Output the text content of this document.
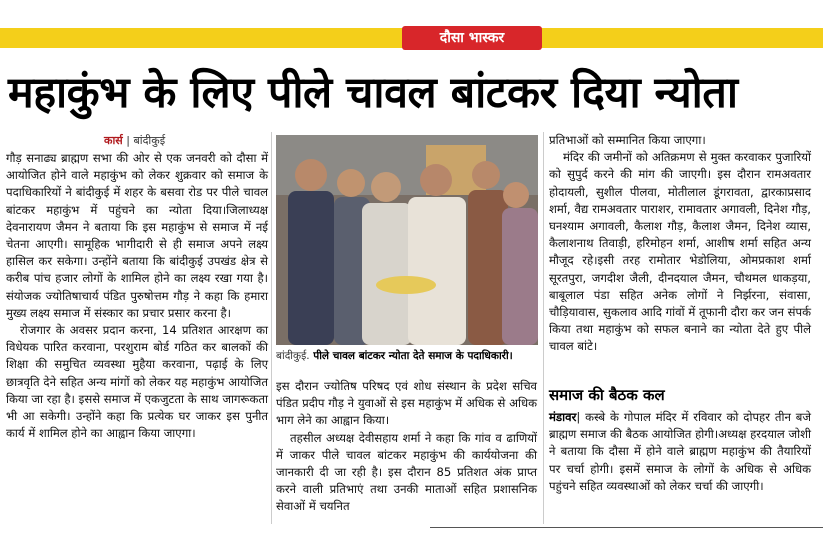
दौसा भास्कर
महाकुंभ के लिए पीले चावल बांटकर दिया न्योता
कार्स | बांदीकुई

गौड़ सनाढ्य ब्राह्मण सभा की ओर से एक जनवरी को दौसा में आयोजित होने वाले महाकुंभ को लेकर शुक्रवार को समाज के पदाधिकारियों ने बांदीकुई में शहर के बसवा रोड पर पीले चावल बांटकर महाकुंभ में पहुंचने का न्योता दिया।जिलाध्यक्ष देवनारायण जैमन ने बताया कि इस महाकुंभ से समाज में नई चेतना आएगी। सामूहिक भागीदारी से ही समाज अपने लक्ष्य हासिल कर सकेगा। उन्होंने बताया कि बांदीकुई उपखंड क्षेत्र से करीब पांच हजार लोगों के शामिल होने का लक्ष्य रखा गया है। संयोजक ज्योतिषाचार्य पंडित पुरुषोत्तम गौड़ ने कहा कि हमारा मुख्य लक्ष्य समाज में संस्कार का प्रचार प्रसार करना है।

रोजगार के अवसर प्रदान करना, 14 प्रतिशत आरक्षण का विधेयक पारित करवाना, परशुराम बोर्ड गठित कर बालकों की शिक्षा की समुचित व्यवस्था मुहैया करवाना, पढ़ाई के लिए छात्रवृति देने सहित अन्य मांगों को लेकर यह महाकुंभ आयोजित किया जा रहा है। इससे समाज में एकजुटता के साथ जागरूकता भी आ सकेगी। उन्होंने कहा कि प्रत्येक घर जाकर इस पुनीत कार्य में शामिल होने का आह्वान किया जाएगा।

बांदीकुई. पीले चावल बांटकर न्योता देते समाज के पदाधिकारी।

इस दौरान ज्योतिष परिषद एवं शोध संस्थान के प्रदेश सचिव पंडित प्रदीप गौड़ ने युवाओं से इस महाकुंभ में अधिक से अधिक भाग लेने का आह्वान किया।

तहसील अध्यक्ष देवीसहाय शर्मा ने कहा कि गांव व ढाणियों में जाकर पीले चावल बांटकर महाकुंभ की कार्ययोजना की जानकारी दी जा रही है। इस दौरान 85 प्रतिशत अंक प्राप्त करने वाली प्रतिभाएं तथा उनकी माताओं सहित प्रशासनिक सेवाओं में चयनित

प्रतिभाओं को सम्मानित किया जाएगा।

मंदिर की जमीनों को अतिक्रमण से मुक्त करवाकर पुजारियों को सुपुर्द करने की मांग की जाएगी। इस दौरान रामअवतार होदायली, सुशील पीलवा, मोतीलाल डूंगरावता, द्वारकाप्रसाद शर्मा, वैद्य रामअवतार पाराशर, रामावतार अगावली, दिनेश गौड़, घनश्याम अगावली, कैलाश गौड़, कैलाश जैमन, दिनेश व्यास, कैलाशनाथ तिवाड़ी, हरिमोहन शर्मा, आशीष शर्मा सहित अन्य मौजूद रहे।इसी तरह रामोतार भेडोलिया, ओमप्रकाश शर्मा सूरतपुरा, जगदीश जैली, दीनदयाल जैमन, चौथमल धाकड़या, बाबूलाल पंडा सहित अनेक लोगों ने निर्झरना, संवासा, चौड़ियावास, सुकलाव आदि गांवों में तूफानी दौरा कर जन संपर्क किया तथा महाकुंभ को सफल बनाने का न्योता देते हुए पीले चावल बांटे।

समाज की बैठक कल

मंडावर| कस्बे के गोपाल मंदिर में रविवार को दोपहर तीन बजे ब्राह्मण समाज की बैठक आयोजित होगी।अध्यक्ष हरदयाल जोशी ने बताया कि दौसा में होने वाले ब्राह्मण महाकुंभ की तैयारियों पर चर्चा होगी। इसमें समाज के लोगों के अधिक से अधिक पहुंचने सहित व्यवस्थाओं को लेकर चर्चा की जाएगी।
